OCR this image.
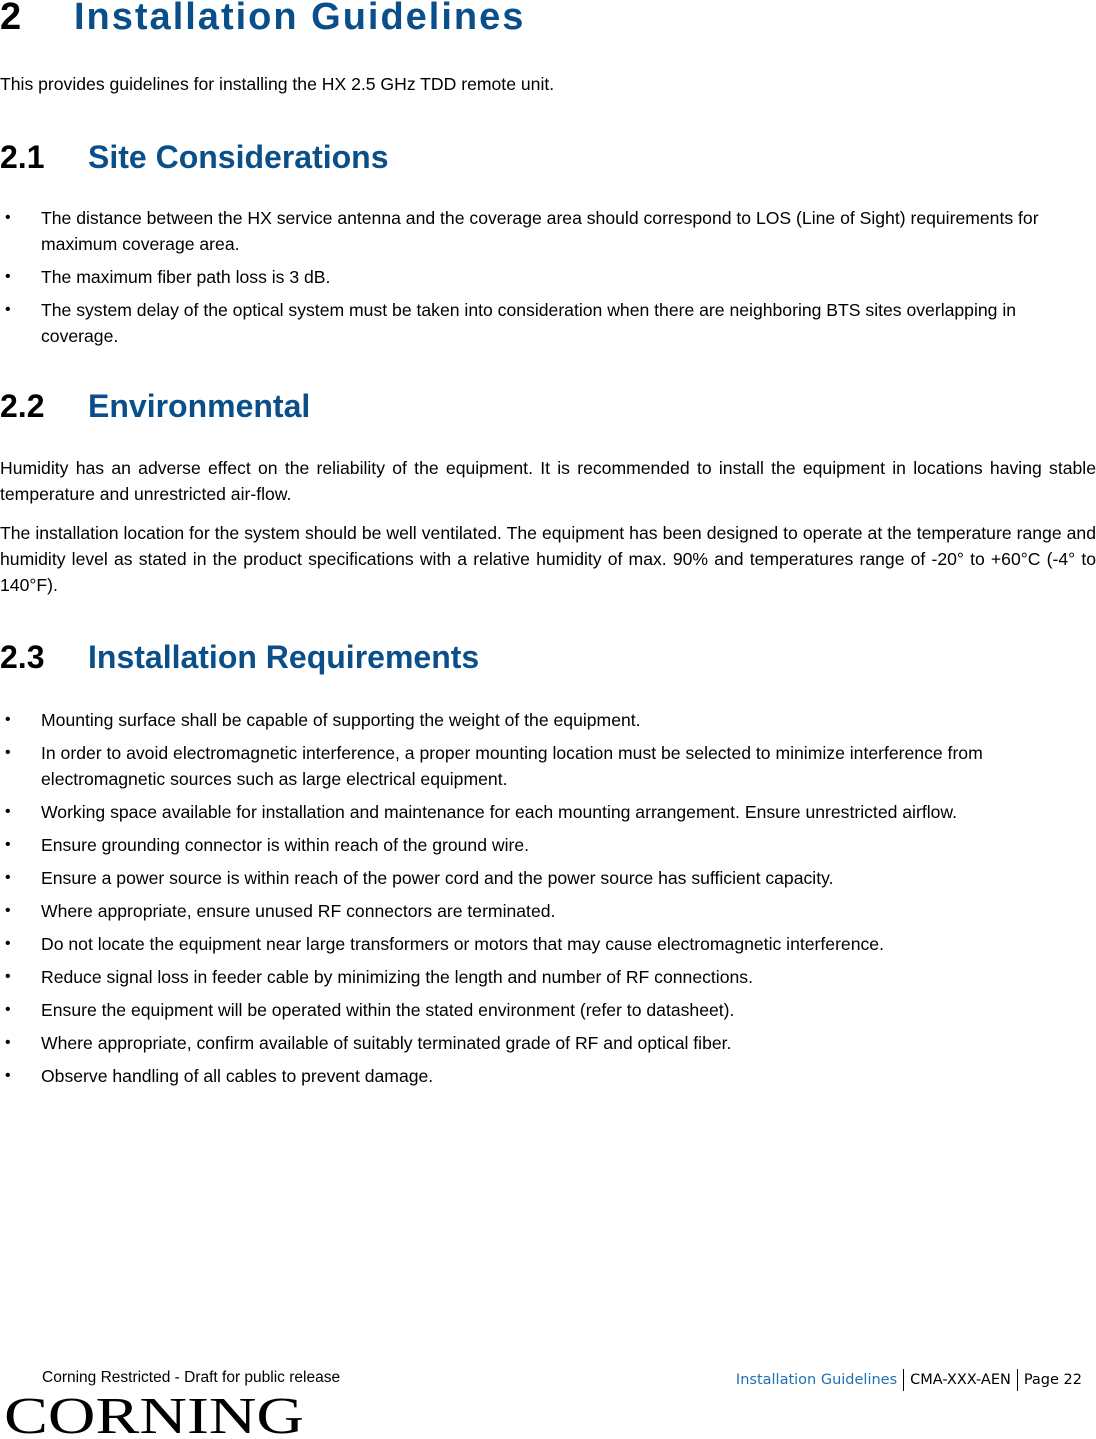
2 Installation Guidelines

This provides guidelines for installing the HX 2.5 GHz TDD remote unit.

2.1 Site Considerations
• The distance between the HX service antenna and the coverage area should correspond to LOS (Line of Sight) requirements for maximum coverage area.
• The maximum fiber path loss is 3 dB.
• The system delay of the optical system must be taken into consideration when there are neighboring BTS sites overlapping in coverage.
2.2 Environmental

Humidity has an adverse effect on the reliability of the equipment. It is recommended to install the equipment in locations having stable temperature and unrestricted air-flow.

The installation location for the system should be well ventilated. The equipment has been designed to operate at the temperature range and humidity level as stated in the product specifications with a relative humidity of max. 90% and temperatures range of -20° to +60°C (-4° to 140°F).

2.3 Installation Requirements
• Mounting surface shall be capable of supporting the weight of the equipment.
• In order to avoid electromagnetic interference, a proper mounting location must be selected to minimize interference from electromagnetic sources such as large electrical equipment.
• Working space available for installation and maintenance for each mounting arrangement. Ensure unrestricted airflow.
• Ensure grounding connector is within reach of the ground wire.
• Ensure a power source is within reach of the power cord and the power source has sufficient capacity.
• Where appropriate, ensure unused RF connectors are terminated.
• Do not locate the equipment near large transformers or motors that may cause electromagnetic interference.
• Reduce signal loss in feeder cable by minimizing the length and number of RF connections.
• Ensure the equipment will be operated within the stated environment (refer to datasheet).
• Where appropriate, confirm available of suitably terminated grade of RF and optical fiber.
• Observe handling of all cables to prevent damage.
Corning Restricted - Draft for public release	Installation Guidelines CMA-XXX-AEN Page 22
CORNING
